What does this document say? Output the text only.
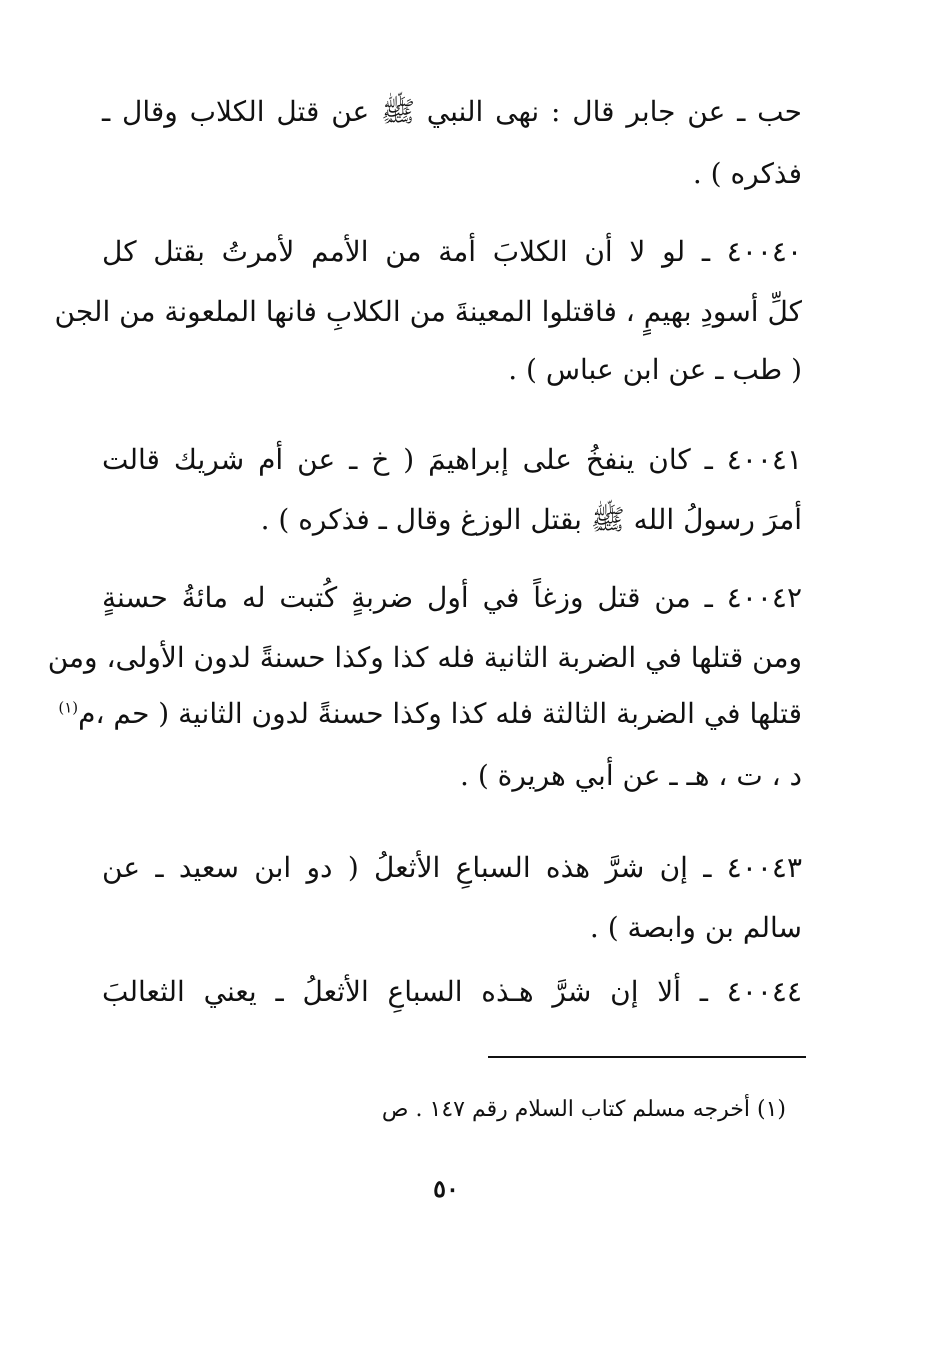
حب ـ عن جابر قال : نهى النبي ﷺ عن قتل الكلاب وقال ـ
فذكره ) .
٤٠٠٤٠ ـ لو لا أن الكلابَ أمة من الأمم لأمرتُ بقتل كل
كلِّ أسودِ بهيمٍ ، فاقتلوا المعينةَ من الكلابِ فانها الملعونة من الجن
( طب ـ عن ابن عباس ) .
٤٠٠٤١ ـ كان ينفخُ على إبراهيمَ ( خ ـ عن أم شريك قالت
أمرَ رسولُ الله ﷺ بقتل الوزغ وقال ـ فذكره ) .
٤٠٠٤٢ ـ من قتل وزغاً في أول ضربةٍ كُتبت له مائةُ حسنةٍ
ومن قتلها في الضربة الثانية فله كذا وكذا حسنةً لدون الأولى، ومن
قتلها في الضربة الثالثة فله كذا وكذا حسنةً لدون الثانية ( حم ،م$^{(١)}$
د ، ت ، هـ ـ عن أبي هريرة ) .
٤٠٠٤٣ ـ إن شرَّ هذه السباعِ الأثعلُ ( دو ابن سعيد ـ عن
سالم بن وابصة ) .
٤٠٠٤٤ ـ ألا إن شرَّ هـذه السباعِ الأثعلُ ـ يعني الثعالبَ
(١) أخرجه مسلم كتاب السلام رقم ١٤٧ . ص
٥٠
